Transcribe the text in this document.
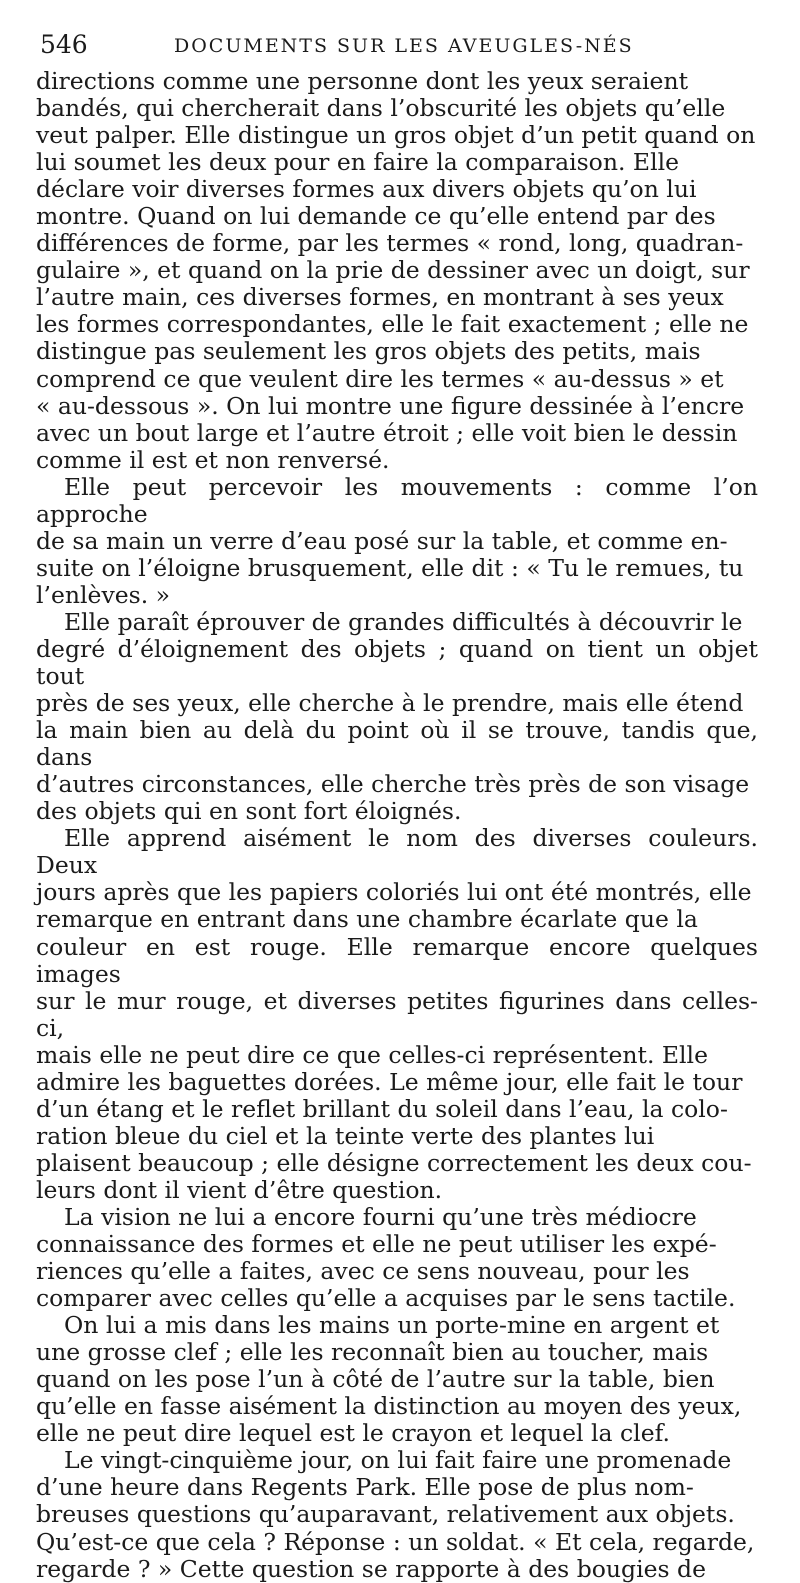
546	DOCUMENTS SUR LES AVEUGLES-NÉS

directions comme une personne dont les yeux seraient
bandés, qui chercherait dans l’obscurité les objets qu’elle
veut palper. Elle distingue un gros objet d’un petit quand on
lui soumet les deux pour en faire la comparaison. Elle
déclare voir diverses formes aux divers objets qu’on lui
montre. Quand on lui demande ce qu’elle entend par des
différences de forme, par les termes « rond, long, quadran-
gulaire », et quand on la prie de dessiner avec un doigt, sur
l’autre main, ces diverses formes, en montrant à ses yeux
les formes correspondantes, elle le fait exactement ; elle ne
distingue pas seulement les gros objets des petits, mais
comprend ce que veulent dire les termes « au-dessus » et
« au-dessous ». On lui montre une figure dessinée à l’encre
avec un bout large et l’autre étroit ; elle voit bien le dessin
comme il est et non renversé.

Elle peut percevoir les mouvements : comme l’on approche
de sa main un verre d’eau posé sur la table, et comme en-
suite on l’éloigne brusquement, elle dit : « Tu le remues, tu
l’enlèves. »

Elle paraît éprouver de grandes difficultés à découvrir le
degré d’éloignement des objets ; quand on tient un objet tout
près de ses yeux, elle cherche à le prendre, mais elle étend
la main bien au delà du point où il se trouve, tandis que, dans
d’autres circonstances, elle cherche très près de son visage
des objets qui en sont fort éloignés.

Elle apprend aisément le nom des diverses couleurs. Deux
jours après que les papiers coloriés lui ont été montrés, elle
remarque en entrant dans une chambre écarlate que la
couleur en est rouge. Elle remarque encore quelques images
sur le mur rouge, et diverses petites figurines dans celles-ci,
mais elle ne peut dire ce que celles-ci représentent. Elle
admire les baguettes dorées. Le même jour, elle fait le tour
d’un étang et le reflet brillant du soleil dans l’eau, la colo-
ration bleue du ciel et la teinte verte des plantes lui
plaisent beaucoup ; elle désigne correctement les deux cou-
leurs dont il vient d’être question.

La vision ne lui a encore fourni qu’une très médiocre
connaissance des formes et elle ne peut utiliser les expé-
riences qu’elle a faites, avec ce sens nouveau, pour les
comparer avec celles qu’elle a acquises par le sens tactile.

On lui a mis dans les mains un porte-mine en argent et
une grosse clef ; elle les reconnaît bien au toucher, mais
quand on les pose l’un à côté de l’autre sur la table, bien
qu’elle en fasse aisément la distinction au moyen des yeux,
elle ne peut dire lequel est le crayon et lequel la clef.

Le vingt-cinquième jour, on lui fait faire une promenade
d’une heure dans Regents Park. Elle pose de plus nom-
breuses questions qu’auparavant, relativement aux objets.
Qu’est-ce que cela ? Réponse : un soldat. « Et cela, regarde,
regarde ? » Cette question se rapporte à des bougies de
